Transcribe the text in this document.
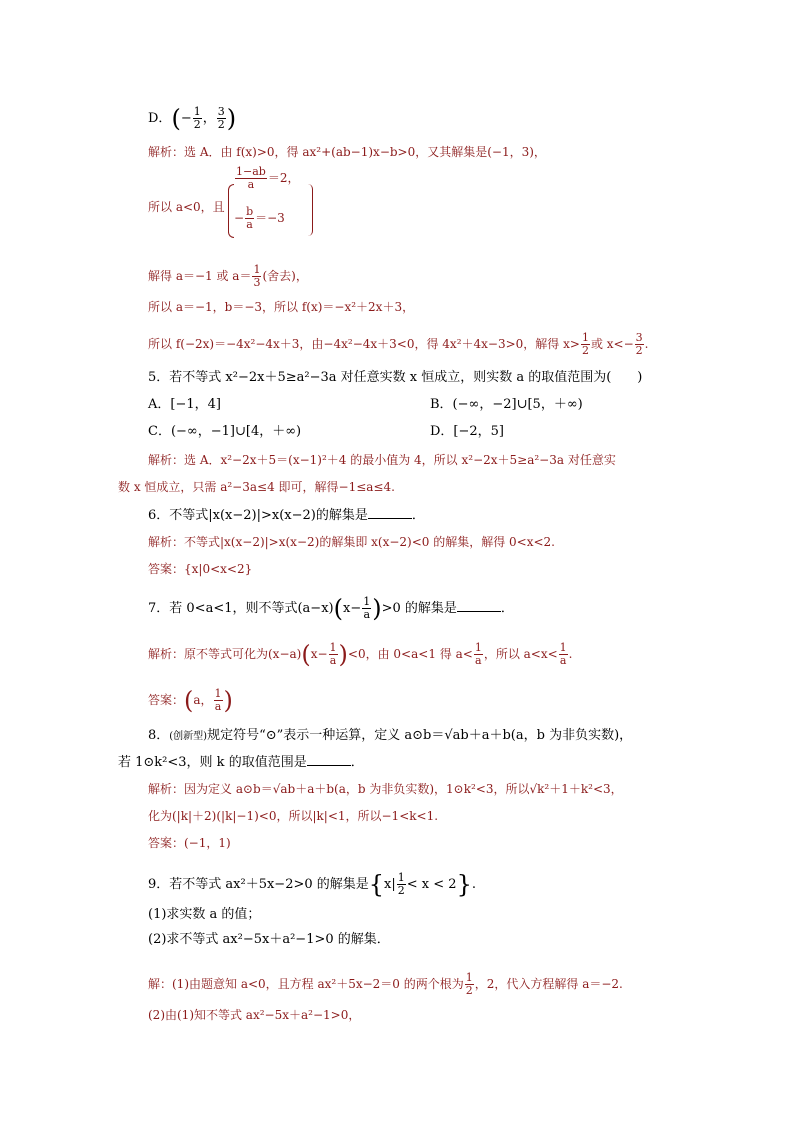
D．(− $\frac{1}{2}$ ， $\frac{3}{2}$ )
解析：选 A．由 f(x)>0，得 ax²+(ab−1)x−b>0，又其解集是(−1，3)，
所以 a<0，且
$\frac{1-ab}{a} =2$，
− $\frac{b}{a} =-3$
解得 a＝−1 或 $a= \frac{1}{3}$ (舍去)，
所以 a＝−1，b＝−3，所以 f(x)＝−x²＋2x＋3，
所以 f(−2x)＝−4x²−4x＋3，由−4x²−4x＋3<0，得 4x²＋4x−3>0，解得 $x> \frac{1}{2}$ 或 $x<- \frac{3}{2}$ .
5．若不等式 x²−2x＋5≥a²−3a 对任意实数 x 恒成立，则实数 a 的取值范围为(　　)
A．[−1，4]	B．(−∞，−2]∪[5，＋∞)
C．(−∞，−1]∪[4，＋∞)	D．[−2，5]
解析：选 A．x²−2x＋5＝(x−1)²＋4 的最小值为 4，所以 x²−2x＋5≥a²−3a 对任意实
数 x 恒成立，只需 a²−3a≤4 即可，解得−1≤a≤4.
6．不等式|x(x−2)|>x(x−2)的解集是	．
解析：不等式|x(x−2)|>x(x−2)的解集即 x(x−2)<0 的解集，解得 0<x<2.
答案：{x|0<x<2}
7．若 0<a<1，则不等式$(a-x)(x- \frac{1}{a} )>0$ 的解集是	．
解析：原不等式可化为$(x-a)(x- \frac{1}{a} )<0$，由 0<a<1 得 $a< \frac{1}{a}$ ，所以 $a<x< \frac{1}{a}$ .
答案：(a， $\frac{1}{a}$ )
8．(创新型)规定符号“⊙”表示一种运算，定义 a⊙b＝√ab＋a＋b(a，b 为非负实数)，
若 1⊙k²<3，则 k 的取值范围是	．
解析：因为定义 a⊙b＝√ab＋a＋b(a，b 为非负实数)，1⊙k²<3，所以√k²＋1＋k²<3，
化为(|k|＋2)(|k|−1)<0，所以|k|<1，所以−1<k<1.
答案：(−1，1)
9．若不等式 ax²＋5x−2>0 的解集是$\{x| \frac{1}{2} < x < 2\}$.
(1)求实数 a 的值；
(2)求不等式 ax²−5x＋a²−1>0 的解集．
解：(1)由题意知 a<0，且方程 ax²＋5x−2＝0 的两个根为 $\frac{1}{2}$ ，2，代入方程解得 a＝−2.
(2)由(1)知不等式 ax²−5x＋a²−1>0，
